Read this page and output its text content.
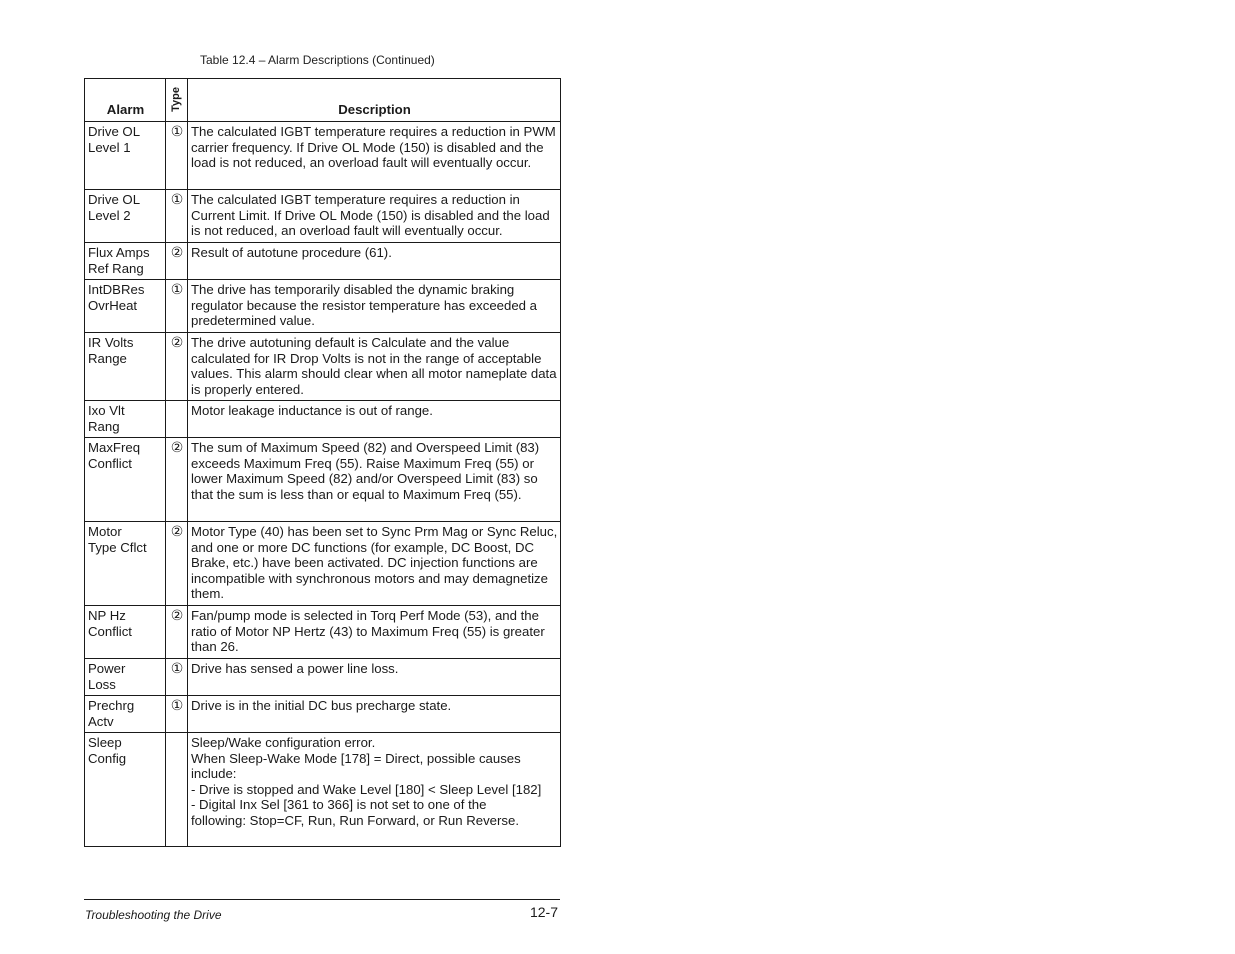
Table 12.4 – Alarm Descriptions (Continued)
Alarm	Type	Description
Drive OL
Level 1	①	The calculated IGBT temperature requires a reduction in PWM carrier frequency. If Drive OL Mode (150) is disabled and the load is not reduced, an overload fault will eventually occur.
Drive OL
Level 2	①	The calculated IGBT temperature requires a reduction in Current Limit. If Drive OL Mode (150) is disabled and the load is not reduced, an overload fault will eventually occur.
Flux Amps
Ref Rang	②	Result of autotune procedure (61).
IntDBRes
OvrHeat	①	The drive has temporarily disabled the dynamic braking regulator because the resistor temperature has exceeded a predetermined value.
IR Volts
Range	②	The drive autotuning default is Calculate and the value calculated for IR Drop Volts is not in the range of acceptable values. This alarm should clear when all motor nameplate data is properly entered.
Ixo Vlt
Rang		Motor leakage inductance is out of range.
MaxFreq
Conflict	②	The sum of Maximum Speed (82) and Overspeed Limit (83) exceeds Maximum Freq (55). Raise Maximum Freq (55) or lower Maximum Speed (82) and/or Overspeed Limit (83) so that the sum is less than or equal to Maximum Freq (55).
Motor
Type Cflct	②	Motor Type (40) has been set to Sync Prm Mag or Sync Reluc, and one or more DC functions (for example, DC Boost, DC Brake, etc.) have been activated. DC injection functions are incompatible with synchronous motors and may demagnetize them.
NP Hz
Conflict	②	Fan/pump mode is selected in Torq Perf Mode (53), and the ratio of Motor NP Hertz (43) to Maximum Freq (55) is greater than 26.
Power
Loss	①	Drive has sensed a power line loss.
Prechrg
Actv	①	Drive is in the initial DC bus precharge state.
Sleep
Config		Sleep/Wake configuration error.
When Sleep-Wake Mode [178] = Direct, possible causes include:
- Drive is stopped and Wake Level [180] < Sleep Level [182]
- Digital Inx Sel [361 to 366] is not set to one of the
following: Stop=CF, Run, Run Forward, or Run Reverse.
Troubleshooting the Drive	12-7
